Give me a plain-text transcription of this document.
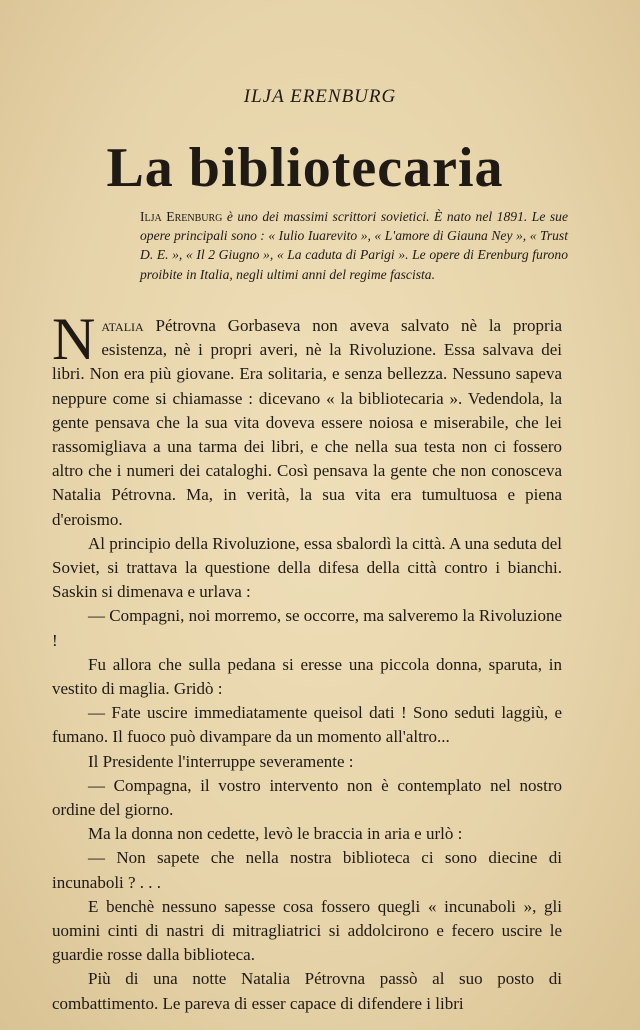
ILJA ERENBURG
La bibliotecaria
Ilja Erenburg è uno dei massimi scrittori sovietici. È nato nel 1891. Le sue opere principali sono : « Iulio Iuarevito », « L'amore di Giauna Ney », « Trust D. E. », « Il 2 Giugno », « La caduta di Parigi ». Le opere di Erenburg furono proibite in Italia, negli ultimi anni del regime fascista.

Natalia Pétrovna Gorbaseva non aveva salvato nè la propria esistenza, nè i propri averi, nè la Rivoluzione. Essa salvava dei libri. Non era più giovane. Era solitaria, e senza bellezza. Nessuno sapeva neppure come si chiamasse : dicevano « la bibliotecaria ». Vedendola, la gente pensava che la sua vita doveva essere noiosa e miserabile, che lei rassomigliava a una tarma dei libri, e che nella sua testa non ci fossero altro che i numeri dei cataloghi. Così pensava la gente che non conosceva Natalia Pétrovna. Ma, in verità, la sua vita era tumultuosa e piena d'eroismo.

Al principio della Rivoluzione, essa sbalordì la città. A una seduta del Soviet, si trattava la questione della difesa della città contro i bianchi. Saskin si dimenava e urlava :

— Compagni, noi morremo, se occorre, ma salveremo la Rivoluzione !

Fu allora che sulla pedana si eresse una piccola donna, sparuta, in vestito di maglia. Gridò :

— Fate uscire immediatamente queisol dati ! Sono seduti laggiù, e fumano. Il fuoco può divampare da un momento all'altro...

Il Presidente l'interruppe severamente :

— Compagna, il vostro intervento non è contemplato nel nostro ordine del giorno.

Ma la donna non cedette, levò le braccia in aria e urlò :

— Non sapete che nella nostra biblioteca ci sono diecine di incunaboli ? . . .

E benchè nessuno sapesse cosa fossero quegli « incunaboli », gli uomini cinti di nastri di mitragliatrici si addolcirono e fecero uscire le guardie rosse dalla biblioteca.

Più di una notte Natalia Pétrovna passò al suo posto di combattimento. Le pareva di esser capace di difendere i libri
